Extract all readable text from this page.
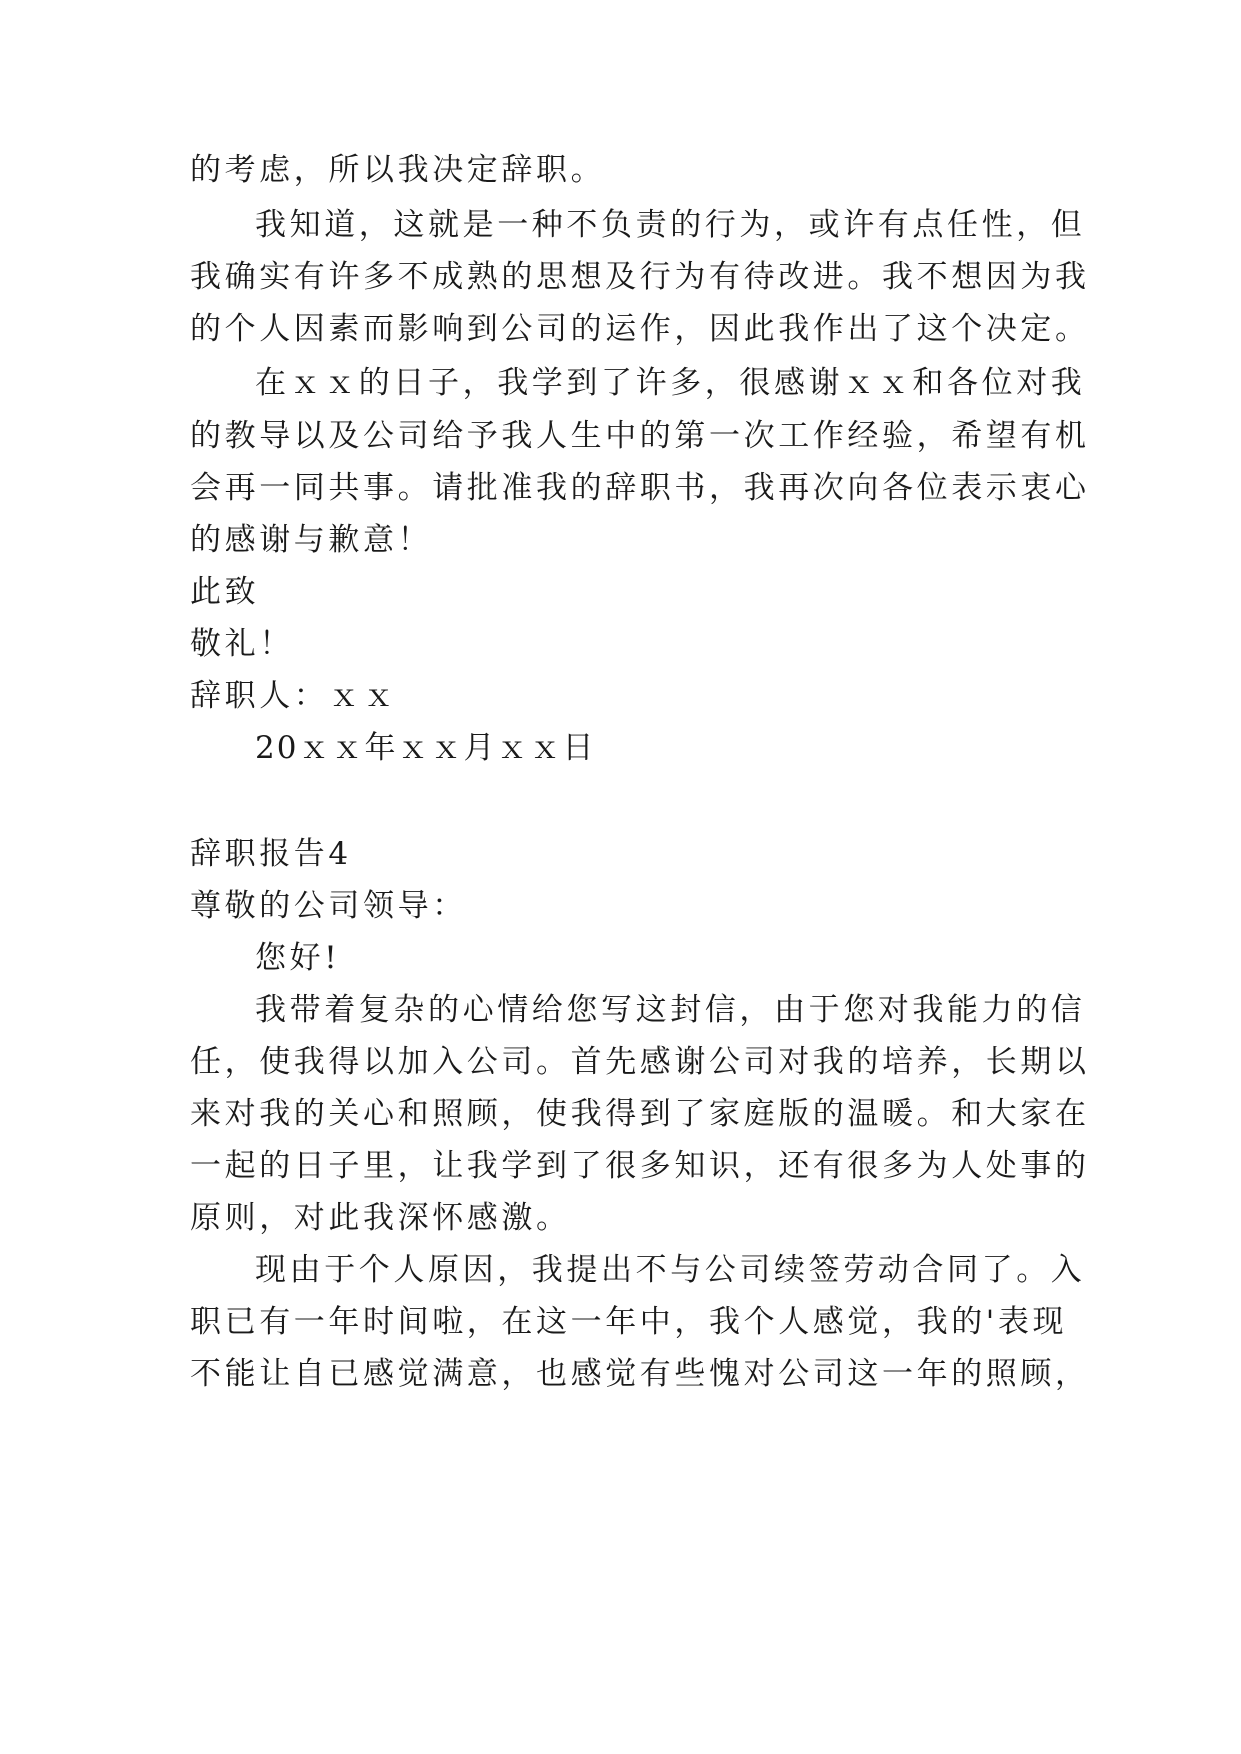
的考虑，所以我决定辞职。
我知道，这就是一种不负责的行为，或许有点任性，但
我确实有许多不成熟的思想及行为有待改进。我不想因为我
的个人因素而影响到公司的运作，因此我作出了这个决定。
在ｘｘ的日子，我学到了许多，很感谢ｘｘ和各位对我
的教导以及公司给予我人生中的第一次工作经验，希望有机
会再一同共事。请批准我的辞职书，我再次向各位表示衷心
的感谢与歉意！
此致
敬礼！
辞职人：ｘｘ
20ｘｘ年ｘｘ月ｘｘ日
辞职报告4
尊敬的公司领导：
您好!
我带着复杂的心情给您写这封信，由于您对我能力的信
任，使我得以加入公司。首先感谢公司对我的培养，长期以
来对我的关心和照顾，使我得到了家庭版的温暖。和大家在
一起的日子里，让我学到了很多知识，还有很多为人处事的
原则，对此我深怀感激。
现由于个人原因，我提出不与公司续签劳动合同了。入
职已有一年时间啦，在这一年中，我个人感觉，我的'表现
不能让自已感觉满意，也感觉有些愧对公司这一年的照顾，
